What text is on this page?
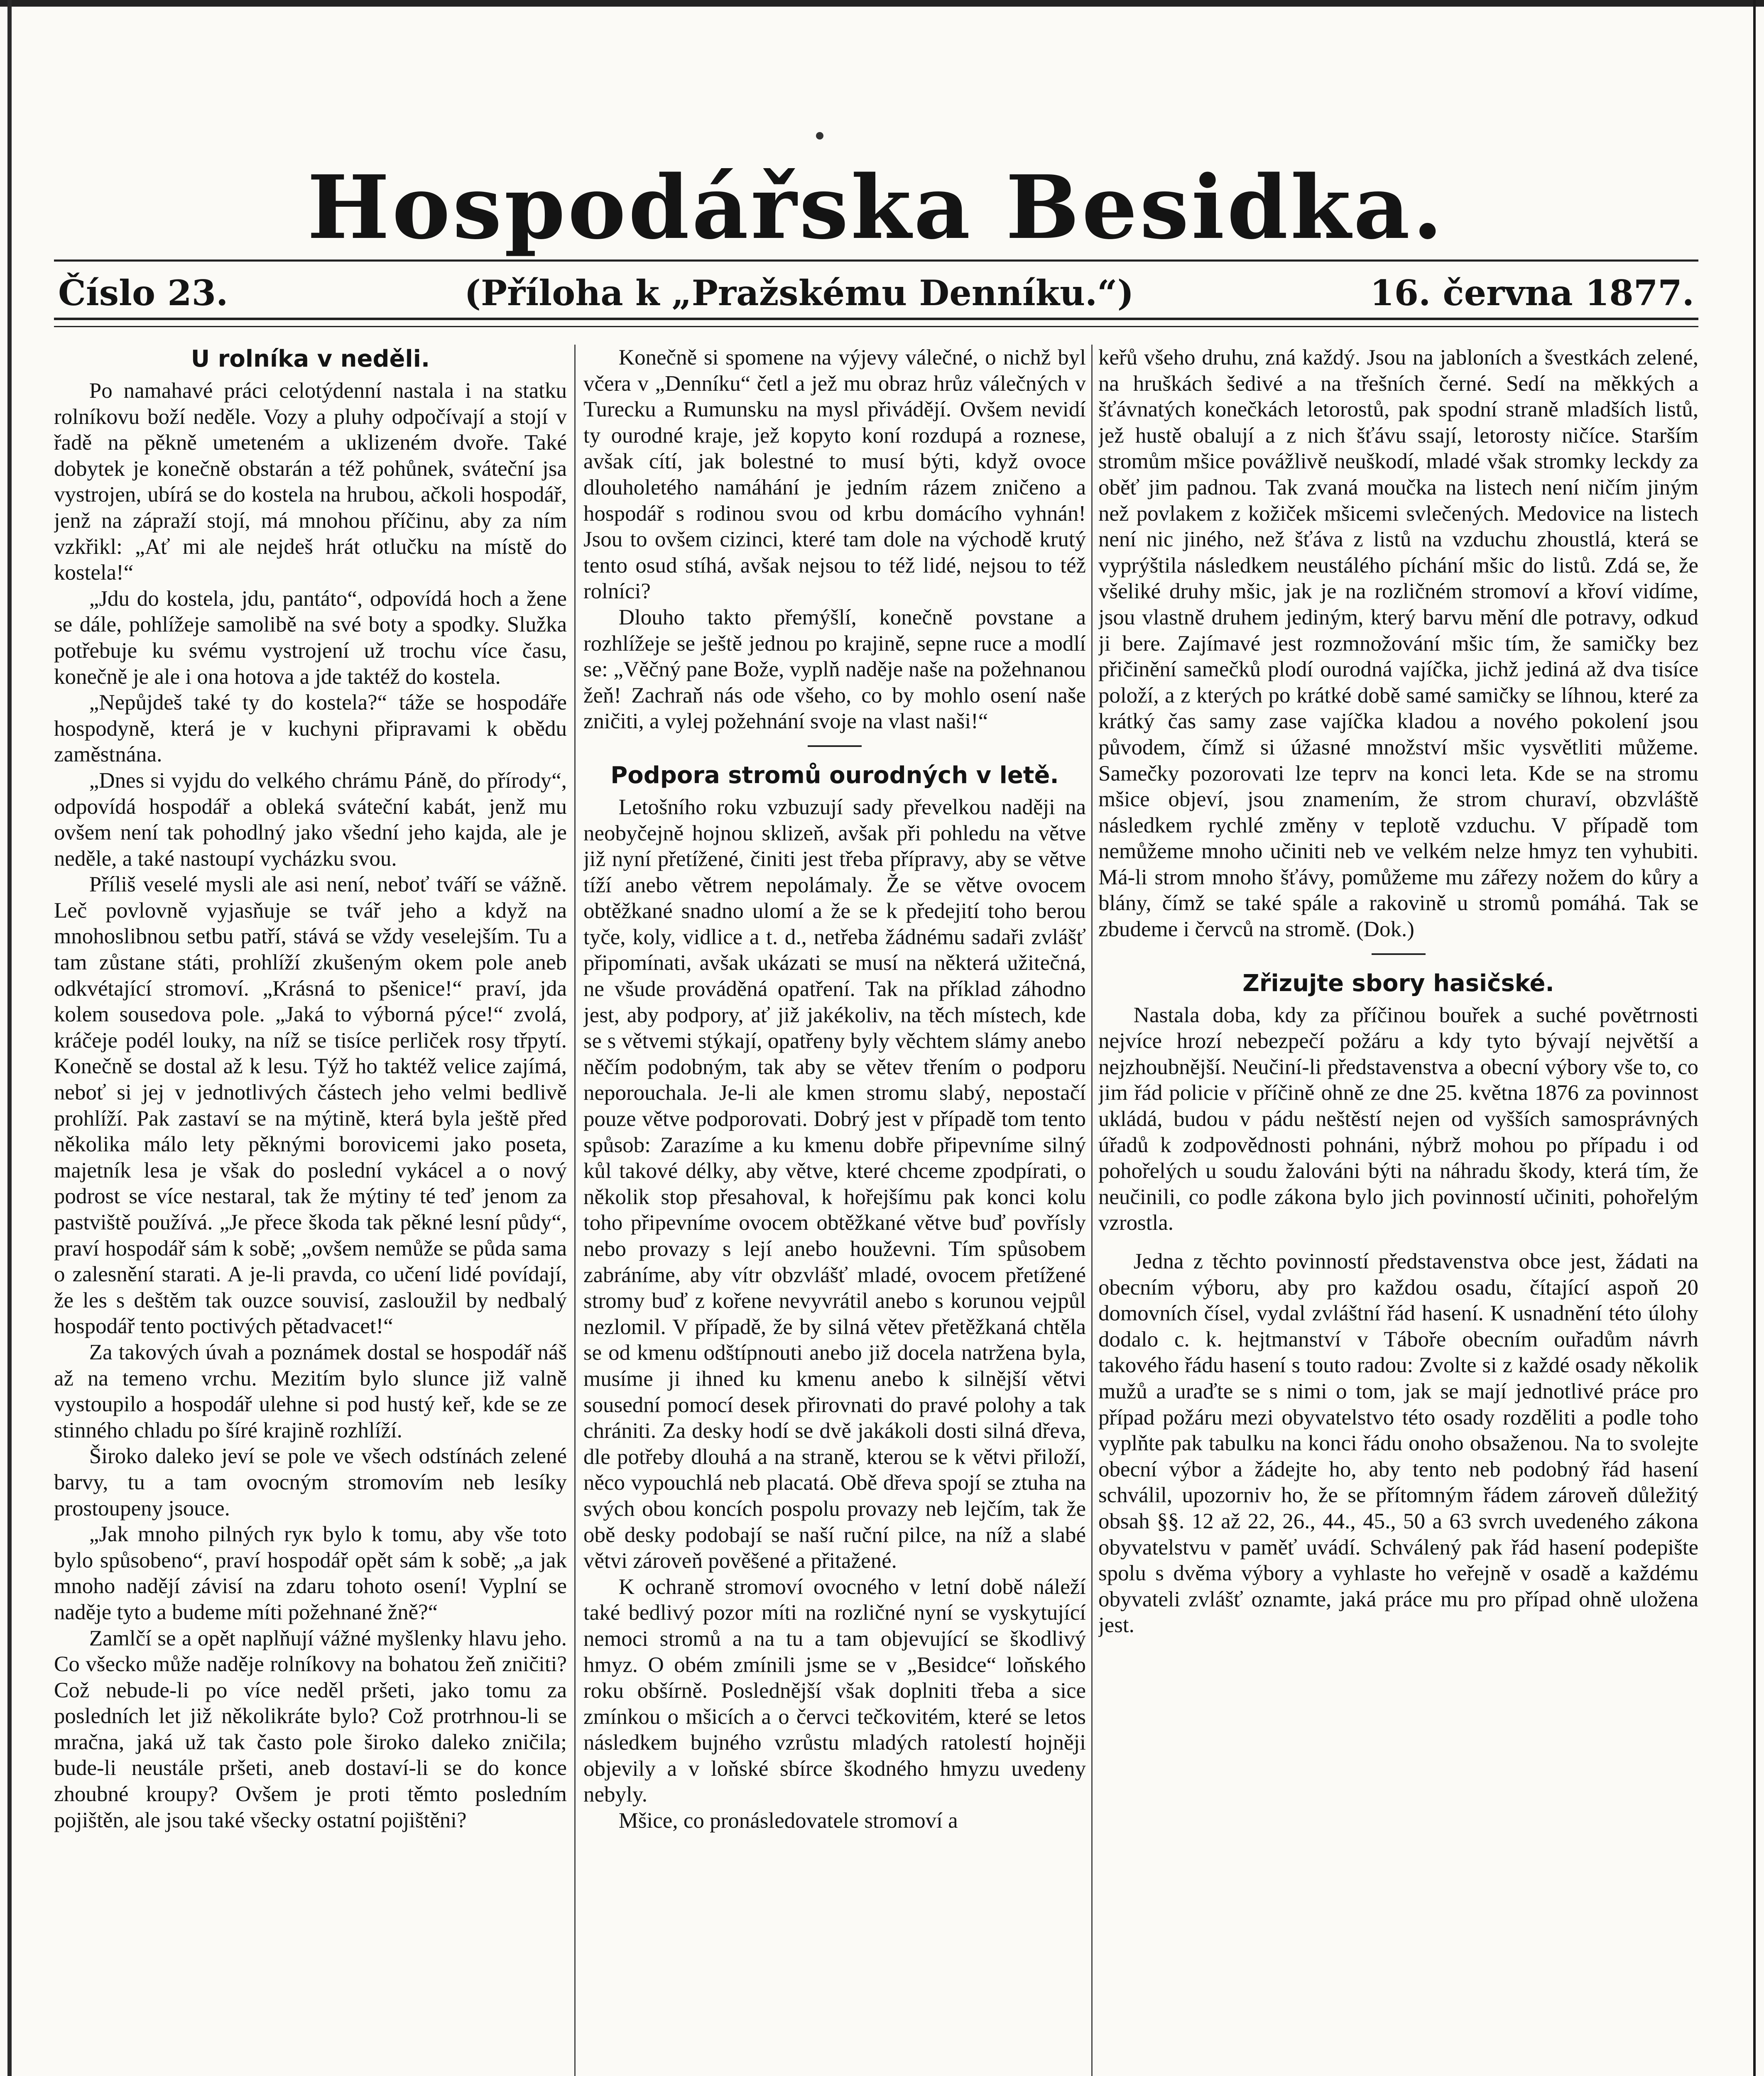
Hospodářska Besidka.
Číslo 23.	(Příloha k „Pražskému Denníku.“)	16. června 1877.
U rolníka v neděli.

Po namahavé práci celotýdenní nastala i na statku rolníkovu boží neděle. Vozy a pluhy odpočívají a stojí v řadě na pěkně umeteném a uklizeném dvoře. Také dobytek je konečně obstarán a též pohůnek, sváteční jsa vystrojen, ubírá se do kostela na hrubou, ačkoli hospodář, jenž na zápraží stojí, má mnohou příčinu, aby za ním vzkřikl: „Ať mi ale nejdeš hrát otlučku na místě do kostela!“

„Jdu do kostela, jdu, pantáto“, odpovídá hoch a žene se dále, pohlížeje samolibě na své boty a spodky. Služka potřebuje ku svému vystrojení už trochu více času, konečně je ale i ona hotova a jde taktéž do kostela.

„Nepůjdeš také ty do kostela?“ táže se hospodáře hospodyně, která je v kuchyni připravami k obědu zaměstnána.

„Dnes si vyjdu do velkého chrámu Páně, do přírody“, odpovídá hospodář a obleká sváteční kabát, jenž mu ovšem není tak pohodlný jako všední jeho kajda, ale je neděle, a také nastoupí vycházku svou.

Příliš veselé mysli ale asi není, neboť tváří se vážně. Leč povlovně vyjasňuje se tvář jeho a když na mnohoslibnou setbu patří, stává se vždy veselejším. Tu a tam zůstane státi, prohlíží zkušeným okem pole aneb odkvétající stromoví. „Krásná to pšenice!“ praví, jda kolem sousedova pole. „Jaká to výborná pýce!“ zvolá, kráčeje podél louky, na níž se tisíce perliček rosy třpytí. Konečně se dostal až k lesu. Týž ho taktéž velice zajímá, neboť si jej v jednotlivých částech jeho velmi bedlivě prohlíží. Pak zastaví se na mýtině, která byla ještě před několika málo lety pěknými borovicemi jako poseta, majetník lesa je však do poslední vykácel a o nový podrost se více nestaral, tak že mýtiny té teď jenom za pastviště používá. „Je přece škoda tak pěkné lesní půdy“, praví hospodář sám k sobě; „ovšem nemůže se půda sama o zalesnění starati. A je-li pravda, co učení lidé povídají, že les s deštěm tak ouzce souvisí, zasloužil by nedbalý hospodář tento poctivých pětadvacet!“

Za takových úvah a poznámek dostal se hospodář náš až na temeno vrchu. Mezitím bylo slunce již valně vystoupilo a hospodář ulehne si pod hustý keř, kde se ze stinného chladu po šíré krajině rozhlíží.

Široko daleko jeví se pole ve všech odstínách zelené barvy, tu a tam ovocným stromovím neb lesíky prostoupeny jsouce.

„Jak mnoho pilných rук bylo k tomu, aby vše toto bylo spůsobeno“, praví hospodář opět sám k sobě; „a jak mnoho nadějí závisí na zdaru tohoto osení! Vyplní se naděje tyto a budeme míti požehnané žně?“

Zamlčí se a opět naplňují vážné myšlenky hlavu jeho. Co všecko může naděje rolníkovy na bohatou žeň zničiti? Což nebude-li po více neděl pršeti, jako tomu za posledních let již několikráte bylo? Což protrhnou-li se mračna, jaká už tak často pole široko daleko zničila; bude-li neustále pršeti, aneb dostaví-li se do konce zhoubné kroupy? Ovšem je proti těmto posledním pojištěn, ale jsou také všecky ostatní pojištěni?

Konečně si spomene na výjevy válečné, o nichž byl včera v „Denníku“ četl a jež mu obraz hrůz válečných v Turecku a Rumunsku na mysl přivádějí. Ovšem nevidí ty ourodné kraje, jež kopyto koní rozdupá a roznese, avšak cítí, jak bolestné to musí býti, když ovoce dlouholetého namáhání je jedním rázem zničeno a hospodář s rodinou svou od krbu domácího vyhnán! Jsou to ovšem cizinci, které tam dole na východě krutý tento osud stíhá, avšak nejsou to též lidé, nejsou to též rolníci?

Dlouho takto přemýšlí, konečně povstane a rozhlížeje se ještě jednou po krajině, sepne ruce a modlí se: „Věčný pane Bože, vyplň naděje naše na požehnanou žeň! Zachraň nás ode všeho, co by mohlo osení naše zničiti, a vylej požehnání svoje na vlast naši!“

Podpora stromů ourodných v letě.

Letošního roku vzbuzují sady převelkou naději na neobyčejně hojnou sklizeň, avšak při pohledu na větve již nyní přetížené, činiti jest třeba přípravy, aby se větve tíží anebo větrem nepolámaly. Že se větve ovocem obtěžkané snadno ulomí a že se k předejití toho berou tyče, koly, vidlice a t. d., netřeba žádnému sadaři zvlášť připomínati, avšak ukázati se musí na některá užitečná, ne všude prováděná opatření. Tak na příklad záhodno jest, aby podpory, ať již jakékoliv, na těch místech, kde se s větvemi stýkají, opatřeny byly věchtem slámy anebo něčím podobným, tak aby se větev třením o podporu neporouchala. Je-li ale kmen stromu slabý, nepostačí pouze větve podporovati. Dobrý jest v případě tom tento spůsob: Zarazíme a ku kmenu dobře připevníme silný kůl takové délky, aby větve, které chceme zpodpírati, o několik stop přesahoval, k hořejšímu pak konci kolu toho připevníme ovocem obtěžkané větve buď povřísly nebo provazy s lejí anebo houževni. Tím spůsobem zabráníme, aby vítr obzvlášť mladé, ovocem přetížené stromy buď z kořene nevyvrátil anebo s korunou vejpůl nezlomil. V případě, že by silná větev přetěžkaná chtěla se od kmenu odštípnouti anebo již docela natržena byla, musíme ji ihned ku kmenu anebo k silnější větvi sousední pomocí desek přirovnati do pravé polohy a tak chrániti. Za desky hodí se dvě jakákoli dosti silná dřeva, dle potřeby dlouhá a na straně, kterou se k větvi přiloží, něco vypouchlá neb placatá. Obě dřeva spojí se ztuha na svých obou koncích pospolu provazy neb lejčím, tak že obě desky podobají se naší ruční pilce, na níž a slabé větvi zároveň pověšené a přitažené.

K ochraně stromoví ovocného v letní době náleží také bedlivý pozor míti na rozličné nyní se vyskytující nemoci stromů a na tu a tam objevující se škodlivý hmyz. O obém zmínili jsme se v „Besidce“ loňského roku obšírně. Poslednější však doplniti třeba a sice zmínkou o mšicích a o červci tečkovitém, které se letos následkem bujného vzrůstu mladých ratolestí hojněji objevily a v loňské sbírce škodného hmyzu uvedeny nebyly.

Mšice, co pronásledovatele stromoví a

keřů všeho druhu, zná každý. Jsou na jabloních a švestkách zelené, na hruškách šedivé a na třešních černé. Sedí na měkkých a šťávnatých konečkách letorostů, pak spodní straně mladších listů, jež hustě obalují a z nich šťávu ssají, letorosty ničíce. Starším stromům mšice povážlivě neuškodí, mladé však stromky leckdy za oběť jim padnou. Tak zvaná moučka na listech není ničím jiným než povlakem z kožiček mšicemi svlečených. Medovice na listech není nic jiného, než šťáva z listů na vzduchu zhoustlá, která se vyprýštila následkem neustálého píchání mšic do listů. Zdá se, že všeliké druhy mšic, jak je na rozličném stromoví a křoví vidíme, jsou vlastně druhem jediným, který barvu mění dle potravy, odkud ji bere. Zajímavé jest rozmnožování mšic tím, že samičky bez přičinění samečků plodí ourodná vajíčka, jichž jediná až dva tisíce položí, a z kterých po krátké době samé samičky se líhnou, které za krátký čas samy zase vajíčka kladou a nového pokolení jsou původem, čímž si úžasné množství mšic vysvětliti můžeme. Samečky pozorovati lze teprv na konci leta. Kde se na stromu mšice objeví, jsou znamením, že strom churaví, obzvláště následkem rychlé změny v teplotě vzduchu. V případě tom nemůžeme mnoho učiniti neb ve velkém nelze hmyz ten vyhubiti. Má-li strom mnoho šťávy, pomůžeme mu zářezy nožem do kůry a blány, čímž se také spále a rakovině u stromů pomáhá. Tak se zbudeme i červců na stromě. (Dok.)

Zřizujte sbory hasičské.

Nastala doba, kdy za příčinou bouřek a suché povětrnosti nejvíce hrozí nebezpečí požáru a kdy tyto bývají největší a nejzhoubnější. Neučiní-li představenstva a obecní výbory vše to, co jim řád policie v příčině ohně ze dne 25. května 1876 za povinnost ukládá, budou v pádu neštěstí nejen od vyšších samosprávných úřadů k zodpovědnosti pohnáni, nýbrž mohou po případu i od pohořelých u soudu žalováni býti na náhradu škody, která tím, že neučinili, co podle zákona bylo jich povinností učiniti, pohořelým vzrostla.

Jedna z těchto povinností představenstva obce jest, žádati na obecním výboru, aby pro každou osadu, čítající aspoň 20 domovních čísel, vydal zvláštní řád hasení. K usnadnění této úlohy dodalo c. k. hejtmanství v Táboře obecním ouřadům návrh takového řádu hasení s touto radou: Zvolte si z každé osady několik mužů a uraďte se s nimi o tom, jak se mají jednotlivé práce pro případ požáru mezi obyvatelstvo této osady rozděliti a podle toho vyplňte pak tabulku na konci řádu onoho obsaženou. Na to svolejte obecní výbor a žádejte ho, aby tento neb podobný řád hasení schválil, upozorniv ho, že se přítomným řádem zároveň důležitý obsah §§. 12 až 22, 26., 44., 45., 50 a 63 svrch uvedeného zákona obyvatelstvu v paměť uvádí. Schválený pak řád hasení podepište spolu s dvěma výbory a vyhlaste ho veřejně v osadě a každému obyvateli zvlášť oznamte, jaká práce mu pro případ ohně uložena jest.
